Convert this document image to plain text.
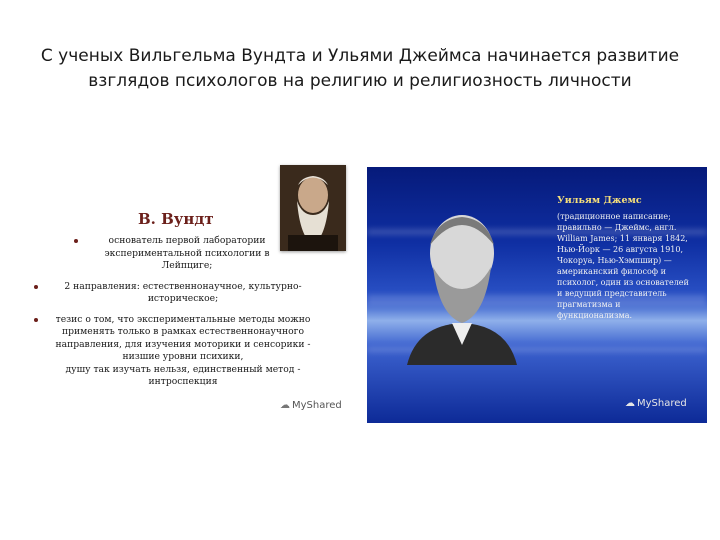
С ученых Вильгельма Вундта и Ульями Джеймса начинается развитие
взглядов психологов на религию и религиозность личности
В. Вундт
основатель первой лаборатории
экспериментальной психологии в Лейпциге;
2 направления: естественнонаучное, культурно-
историческое;
тезис о том, что экспериментальные методы можно
применять только в рамках естественнонаучного
направления, для изучения моторики и сенсорики -
низшие уровни психики,
душу так изучать нельзя, единственный метод -
интроспекция
☁ MyShared
Уильям Джемс
(традиционное написание;
правильно — Джеймс, англ.
William James; 11 января 1842,
Нью-Йорк — 26 августа 1910,
Чокоруа, Нью-Хэмпшир) —
американский философ и
психолог, один из основателей
и ведущий представитель
прагматизма и
функционализма.
☁ MyShared
